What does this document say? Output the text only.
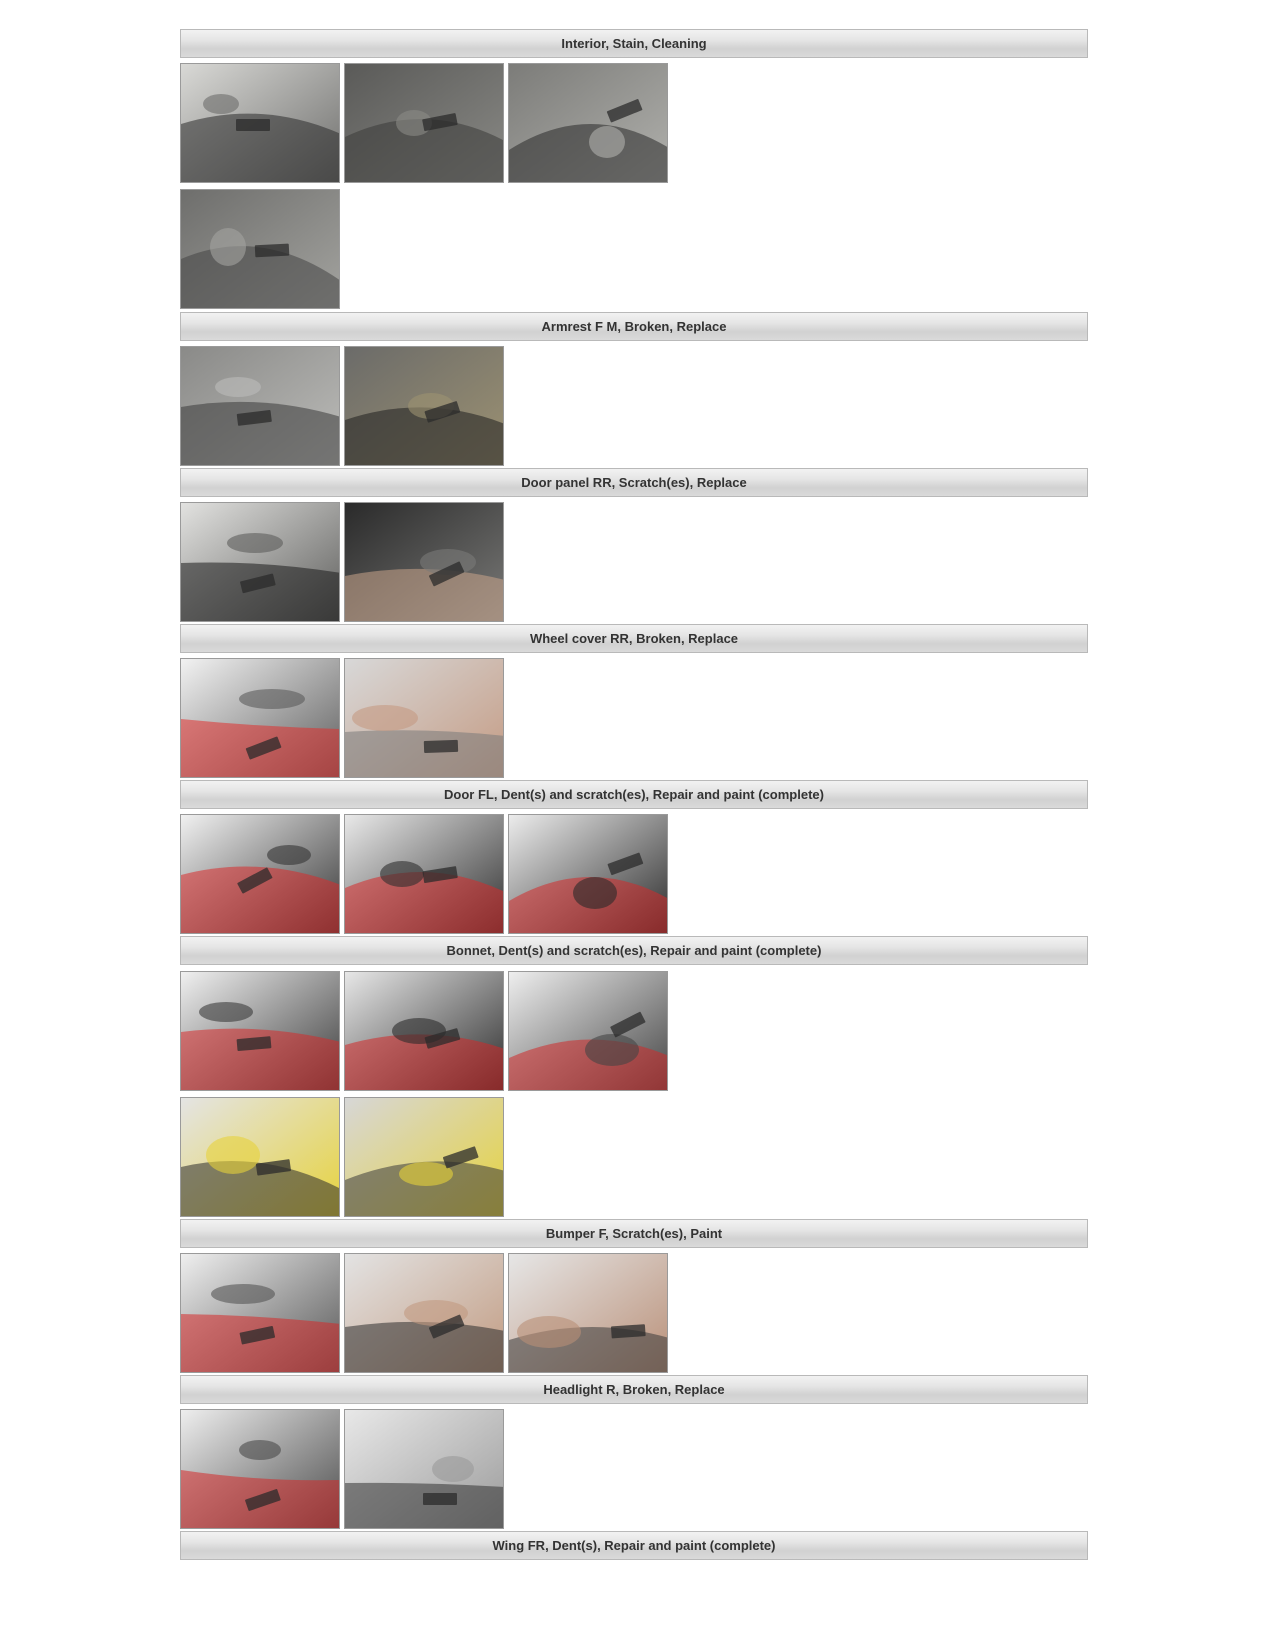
Interior, Stain, Cleaning
Armrest F M, Broken, Replace
Door panel RR, Scratch(es), Replace
Wheel cover RR, Broken, Replace
Door FL, Dent(s) and scratch(es), Repair and paint (complete)
Bonnet, Dent(s) and scratch(es), Repair and paint (complete)
Bumper F, Scratch(es), Paint
Headlight R, Broken, Replace
Wing FR, Dent(s), Repair and paint (complete)
